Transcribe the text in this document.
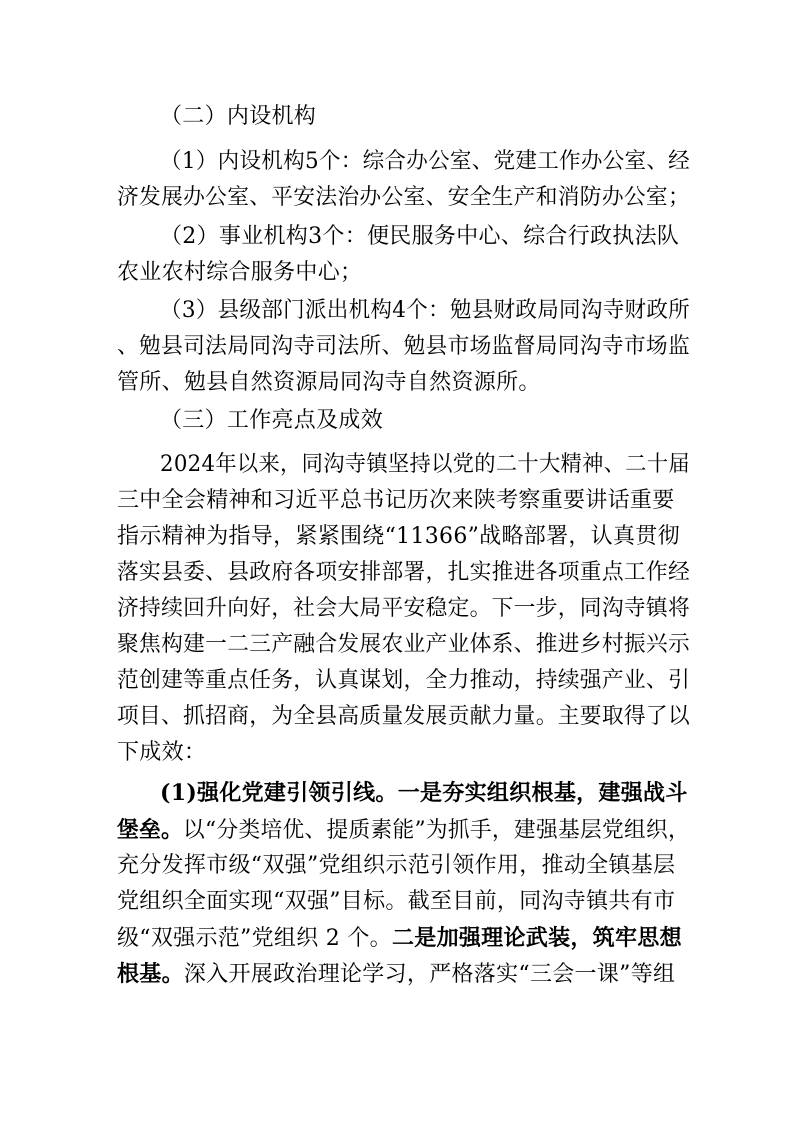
（二）内设机构
（1）内设机构5个：综合办公室、党建工作办公室、经
济发展办公室、平安法治办公室、安全生产和消防办公室；
（2）事业机构3个：便民服务中心、综合行政执法队
农业农村综合服务中心；
（3）县级部门派出机构4个：勉县财政局同沟寺财政所
、勉县司法局同沟寺司法所、勉县市场监督局同沟寺市场监
管所、勉县自然资源局同沟寺自然资源所。
（三）工作亮点及成效
2024年以来，同沟寺镇坚持以党的二十大精神、二十届
三中全会精神和习近平总书记历次来陕考察重要讲话重要
指示精神为指导，紧紧围绕“11366”战略部署，认真贯彻
落实县委、县政府各项安排部署，扎实推进各项重点工作经
济持续回升向好，社会大局平安稳定。下一步，同沟寺镇将
聚焦构建一二三产融合发展农业产业体系、推进乡村振兴示
范创建等重点任务，认真谋划，全力推动，持续强产业、引
项目、抓招商，为全县高质量发展贡献力量。主要取得了以
下成效：
(1)强化党建引领引线。一是夯实组织根基，建强战斗
堡垒。以“分类培优、提质素能”为抓手，建强基层党组织，
充分发挥市级“双强”党组织示范引领作用，推动全镇基层
党组织全面实现“双强”目标。截至目前，同沟寺镇共有市
级“双强示范”党组织 2 个。二是加强理论武装，筑牢思想
根基。深入开展政治理论学习，严格落实“三会一课”等组
